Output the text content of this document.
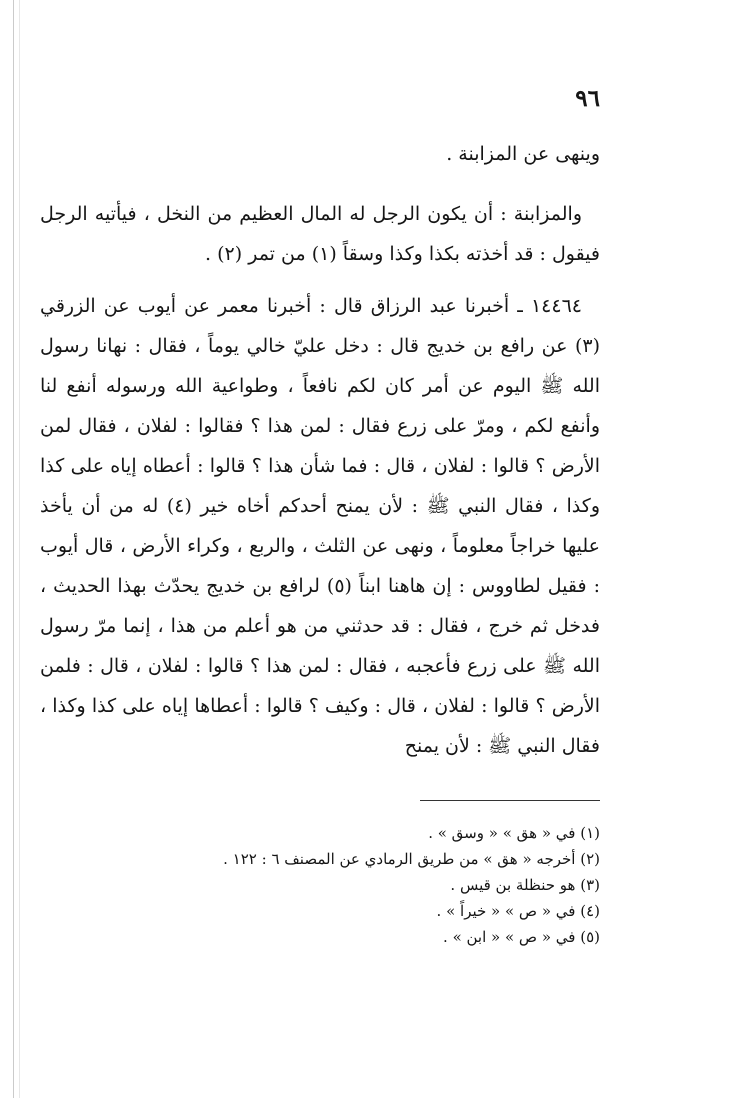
٩٦

وينهى عن المزابنة .

والمزابنة : أن يكون الرجل له المال العظيم من النخل ، فيأتيه الرجل فيقول : قد أخذته بكذا وكذا وسقاً (١) من تمر (٢) .

١٤٤٦٤ ـ أخبرنا عبد الرزاق قال : أخبرنا معمر عن أيوب عن الزرقي (٣) عن رافع بن خديج قال : دخل عليّ خالي يوماً ، فقال : نهانا رسول الله ﷺ اليوم عن أمر كان لكم نافعاً ، وطواعية الله ورسوله أنفع لنا وأنفع لكم ، ومرّ على زرع فقال : لمن هذا ؟ فقالوا : لفلان ، فقال لمن الأرض ؟ قالوا : لفلان ، قال : فما شأن هذا ؟ قالوا : أعطاه إياه على كذا وكذا ، فقال النبي ﷺ : لأن يمنح أحدكم أخاه خير (٤) له من أن يأخذ عليها خراجاً معلوماً ، ونهى عن الثلث ، والربع ، وكراء الأرض ، قال أيوب : فقيل لطاووس : إن هاهنا ابناً (٥) لرافع بن خديج يحدّث بهذا الحديث ، فدخل ثم خرج ، فقال : قد حدثني من هو أعلم من هذا ، إنما مرّ رسول الله ﷺ على زرع فأعجبه ، فقال : لمن هذا ؟ قالوا : لفلان ، قال : فلمن الأرض ؟ قالوا : لفلان ، قال : وكيف ؟ قالوا : أعطاها إياه على كذا وكذا ، فقال النبي ﷺ : لأن يمنح

(١) في « هق » « وسق » .
(٢) أخرجه « هق » من طريق الرمادي عن المصنف ٦ : ١٢٢ .
(٣) هو حنظلة بن قيس .
(٤) في « ص » « خيراً » .
(٥) في « ص » « ابن » .
